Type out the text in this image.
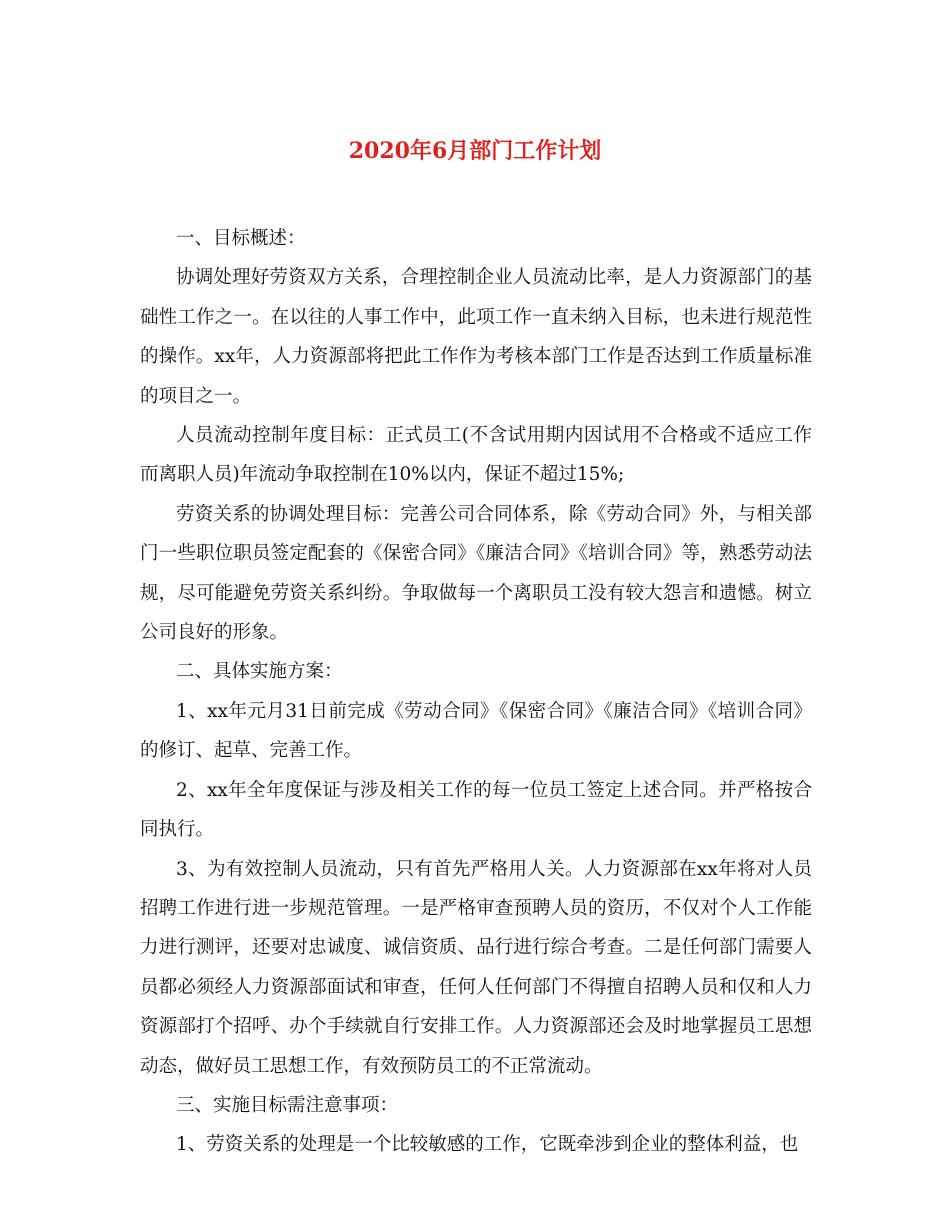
2020年6月部门工作计划

一、目标概述：

协调处理好劳资双方关系，合理控制企业人员流动比率，是人力资源部门的基础性工作之一。在以往的人事工作中，此项工作一直未纳入目标，也未进行规范性的操作。xx年，人力资源部将把此工作作为考核本部门工作是否达到工作质量标准的项目之一。

人员流动控制年度目标：正式员工(不含试用期内因试用不合格或不适应工作而离职人员)年流动争取控制在10%以内，保证不超过15%;

劳资关系的协调处理目标：完善公司合同体系，除《劳动合同》外，与相关部门一些职位职员签定配套的《保密合同》《廉洁合同》《培训合同》等，熟悉劳动法规，尽可能避免劳资关系纠纷。争取做每一个离职员工没有较大怨言和遗憾。树立公司良好的形象。

二、具体实施方案：

1、xx年元月31日前完成《劳动合同》《保密合同》《廉洁合同》《培训合同》的修订、起草、完善工作。

2、xx年全年度保证与涉及相关工作的每一位员工签定上述合同。并严格按合同执行。

3、为有效控制人员流动，只有首先严格用人关。人力资源部在xx年将对人员招聘工作进行进一步规范管理。一是严格审查预聘人员的资历，不仅对个人工作能力进行测评，还要对忠诚度、诚信资质、品行进行综合考查。二是任何部门需要人员都必须经人力资源部面试和审查，任何人任何部门不得擅自招聘人员和仅和人力资源部打个招呼、办个手续就自行安排工作。人力资源部还会及时地掌握员工思想动态，做好员工思想工作，有效预防员工的不正常流动。

三、实施目标需注意事项：

1、劳资关系的处理是一个比较敏感的工作，它既牵涉到企业的整体利益，也
